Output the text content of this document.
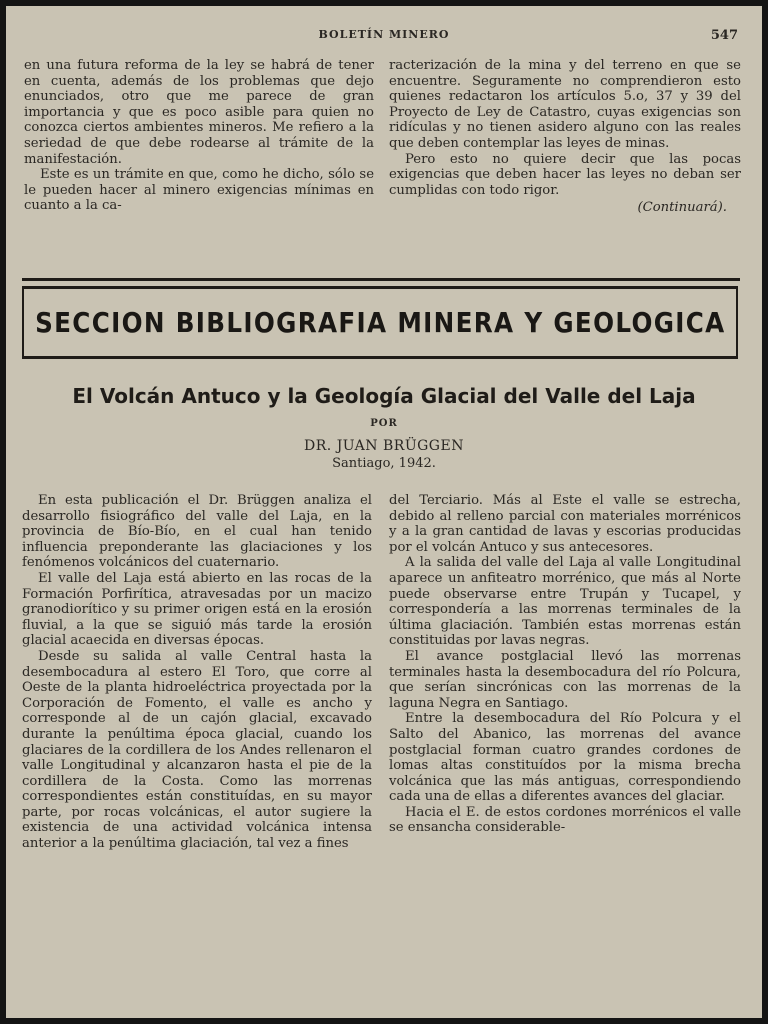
BOLETÍN MINERO	547

en una futura reforma de la ley se habrá de tener en cuenta, además de los problemas que dejo enunciados, otro que me parece de gran importancia y que es poco asible para quien no conozca ciertos ambientes mineros. Me refiero a la seriedad de que debe rodearse al trámite de la manifestación.

Este es un trámite en que, como he dicho, sólo se le pueden hacer al minero exigencias mínimas en cuanto a la ca-

racterización de la mina y del terreno en que se encuentre. Seguramente no comprendieron esto quienes redactaron los artículos 5.o, 37 y 39 del Proyecto de Ley de Catastro, cuyas exigencias son ridículas y no tienen asidero alguno con las reales que deben contemplar las leyes de minas.

Pero esto no quiere decir que las pocas exigencias que deben hacer las leyes no deban ser cumplidas con todo rigor.

(Continuará).
SECCION BIBLIOGRAFIA MINERA Y GEOLOGICA
El Volcán Antuco y la Geología Glacial del Valle del Laja
POR
DR. JUAN BRÜGGEN
Santiago, 1942.

En esta publicación el Dr. Brüggen analiza el desarrollo fisiográfico del valle del Laja, en la provincia de Bío-Bío, en el cual han tenido influencia preponderante las glaciaciones y los fenómenos volcánicos del cuaternario.

El valle del Laja está abierto en las rocas de la Formación Porfirítica, atravesadas por un macizo granodiorítico y su primer origen está en la erosión fluvial, a la que se siguió más tarde la erosión glacial acaecida en diversas épocas.

Desde su salida al valle Central hasta la desembocadura al estero El Toro, que corre al Oeste de la planta hidroeléctrica proyectada por la Corporación de Fomento, el valle es ancho y corresponde al de un cajón glacial, excavado durante la penúltima época glacial, cuando los glaciares de la cordillera de los Andes rellenaron el valle Longitudinal y alcanzaron hasta el pie de la cordillera de la Costa. Como las morrenas correspondientes están constituídas, en su mayor parte, por rocas volcánicas, el autor sugiere la existencia de una actividad volcánica intensa anterior a la penúltima glaciación, tal vez a fines

del Terciario. Más al Este el valle se estrecha, debido al relleno parcial con materiales morrénicos y a la gran cantidad de lavas y escorias producidas por el volcán Antuco y sus antecesores.

A la salida del valle del Laja al valle Longitudinal aparece un anfiteatro morrénico, que más al Norte puede observarse entre Trupán y Tucapel, y correspondería a las morrenas terminales de la última glaciación. También estas morrenas están constituidas por lavas negras.

El avance postglacial llevó las morrenas terminales hasta la desembocadura del río Polcura, que serían sincrónicas con las morrenas de la laguna Negra en Santiago.

Entre la desembocadura del Río Polcura y el Salto del Abanico, las morrenas del avance postglacial forman cuatro grandes cordones de lomas altas constituídos por la misma brecha volcánica que las más antiguas, correspondiendo cada una de ellas a diferentes avances del glaciar.

Hacia el E. de estos cordones morrénicos el valle se ensancha considerable-
